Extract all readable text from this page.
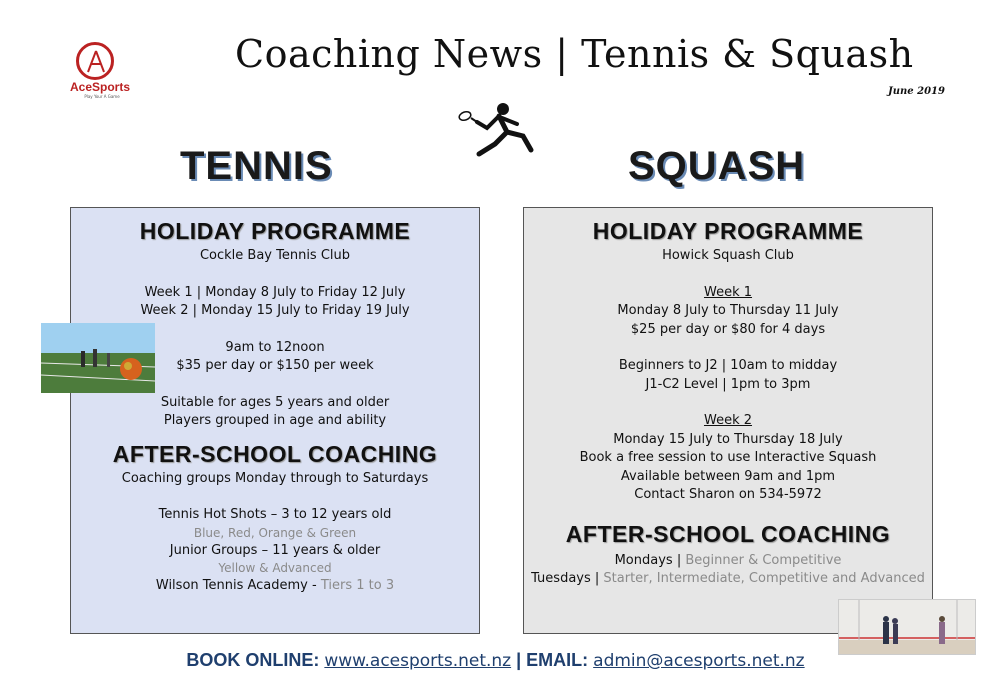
AceSports
Play Your A Game
Coaching News | Tennis & Squash
June 2019
TENNIS	SQUASH
HOLIDAY PROGRAMME
Cockle Bay Tennis Club
Week 1 | Monday 8 July to Friday 12 July
Week 2 | Monday 15 July to Friday 19 July
9am to 12noon
$35 per day or $150 per week
Suitable for ages 5 years and older
Players grouped in age and ability
AFTER-SCHOOL COACHING
Coaching groups Monday through to Saturdays
Tennis Hot Shots – 3 to 12 years old
Blue, Red, Orange & Green
Junior Groups – 11 years & older
Yellow & Advanced
Wilson Tennis Academy - Tiers 1 to 3
HOLIDAY PROGRAMME
Howick Squash Club
Week 1
Monday 8 July to Thursday 11 July
$25 per day or $80 for 4 days
Beginners to J2 | 10am to midday
J1-C2 Level | 1pm to 3pm
Week 2
Monday 15 July to Thursday 18 July
Book a free session to use Interactive Squash
Available between 9am and 1pm
Contact Sharon on 534-5972
AFTER-SCHOOL COACHING
Mondays | Beginner & Competitive
Tuesdays | Starter, Intermediate, Competitive and Advanced
BOOK ONLINE: www.acesports.net.nz | EMAIL: admin@acesports.net.nz
